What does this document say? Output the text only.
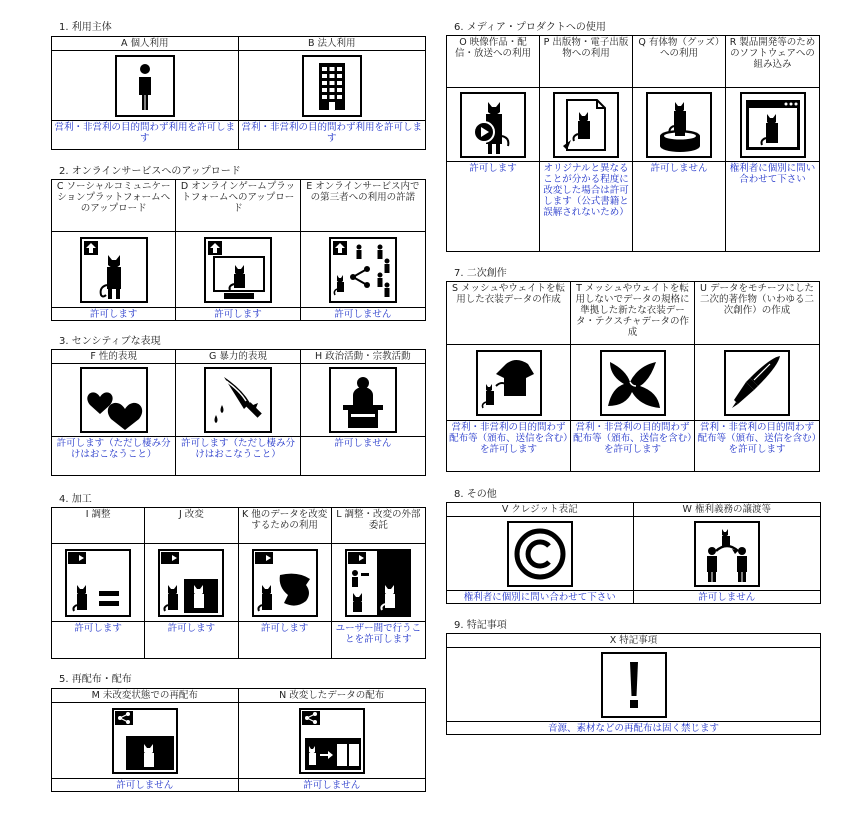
1. 利用主体
A 個人利用
営利・非営利の目的問わず利用を許可します
B 法人利用
営利・非営利の目的問わず利用を許可します
2. オンラインサービスへのアップロード
C ソーシャルコミュニケーションプラットフォームへのアップロード
許可します
D オンラインゲームプラットフォームへのアップロード
許可します
E オンラインサービス内での第三者への利用の許諾
許可しません
3. センシティブな表現
F 性的表現
許可します（ただし棲み分けはおこなうこと）
G 暴力的表現
許可します（ただし棲み分けはおこなうこと）
H 政治活動・宗教活動
許可しません
4. 加工
I 調整
許可します
J 改変
許可します
K 他のデータを改変するための利用
許可します
L 調整・改変の外部委託
ユーザー間で行うことを許可します
5. 再配布・配布
M 未改変状態での再配布
許可しません
N 改変したデータの配布
許可しません
6. メディア・プロダクトへの使用
O 映像作品・配信・放送への利用
許可します
P 出版物・電子出版物への利用
オリジナルと異なることが分かる程度に改変した場合は許可します（公式書籍と誤解されないため）
Q 有体物（グッズ）への利用
許可しません
R 製品開発等のためのソフトウェアへの組み込み
権利者に個別に問い合わせて下さい
7. 二次創作
S メッシュやウェイトを転用した衣装データの作成
営利・非営利の目的問わず配布等（頒布、送信を含む）を許可します
T メッシュやウェイトを転用しないでデータの規格に準拠した新たな衣装データ・テクスチャデータの作成
営利・非営利の目的問わず配布等（頒布、送信を含む）を許可します
U データをモチーフにした二次的著作物（いわゆる二次創作）の作成
営利・非営利の目的問わず配布等（頒布、送信を含む）を許可します
8. その他
V クレジット表記
権利者に個別に問い合わせて下さい
W 権利義務の譲渡等
許可しません
9. 特記事項
X 特記事項
音源、素材などの再配布は固く禁じます
